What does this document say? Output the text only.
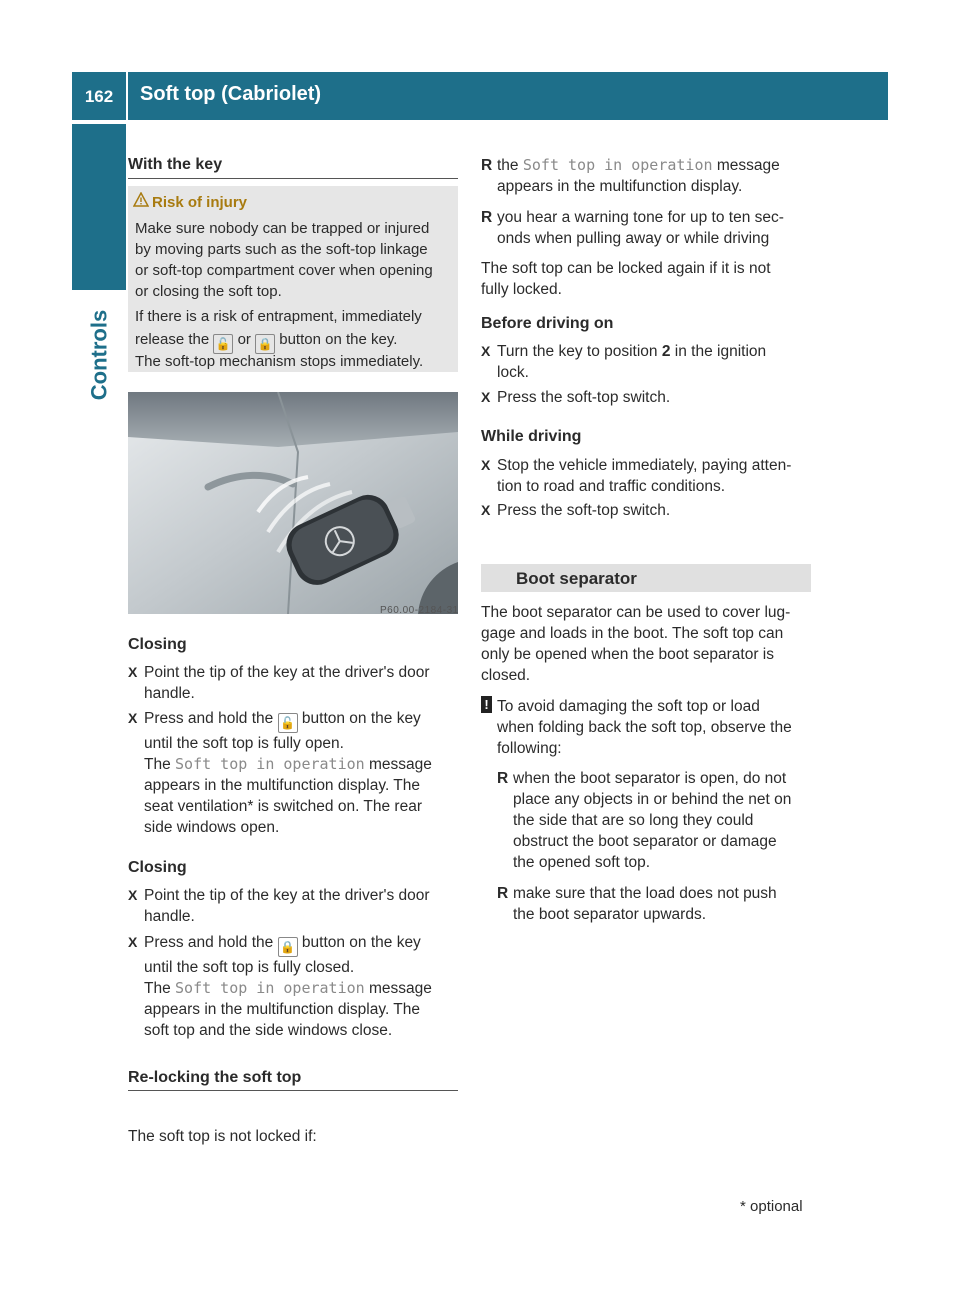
162	Soft top (Cabriolet)
Controls
With the key
Risk of injury
Make sure nobody can be trapped or injured
by moving parts such as the soft-top linkage
or soft-top compartment cover when opening
or closing the soft top.
If there is a risk of entrapment, immediately
release the 🔓 or 🔒 button on the key.
The soft-top mechanism stops immediately.
P60.00-2184-31
Closing
X Point the tip of the key at the driver's door
handle.
X Press and hold the 🔓 button on the key
until the soft top is fully open.
The Soft top in operation message
appears in the multifunction display. The
seat ventilation* is switched on. The rear
side windows open.
Closing
X Point the tip of the key at the driver's door
handle.
X Press and hold the 🔒 button on the key
until the soft top is fully closed.
The Soft top in operation message
appears in the multifunction display. The
soft top and the side windows close.
Re-locking the soft top
The soft top is not locked if:
R the Soft top in operation message
appears in the multifunction display.
R you hear a warning tone for up to ten sec-
onds when pulling away or while driving
The soft top can be locked again if it is not
fully locked.
Before driving on
X Turn the key to position 2 in the ignition
lock.
X Press the soft-top switch.
While driving
X Stop the vehicle immediately, paying atten-
tion to road and traffic conditions.
X Press the soft-top switch.
Boot separator
The boot separator can be used to cover lug-
gage and loads in the boot. The soft top can
only be opened when the boot separator is
closed.
! To avoid damaging the soft top or load
when folding back the soft top, observe the
following:
R when the boot separator is open, do not
place any objects in or behind the net on
the side that are so long they could
obstruct the boot separator or damage
the opened soft top.
R make sure that the load does not push
the boot separator upwards.
* optional
